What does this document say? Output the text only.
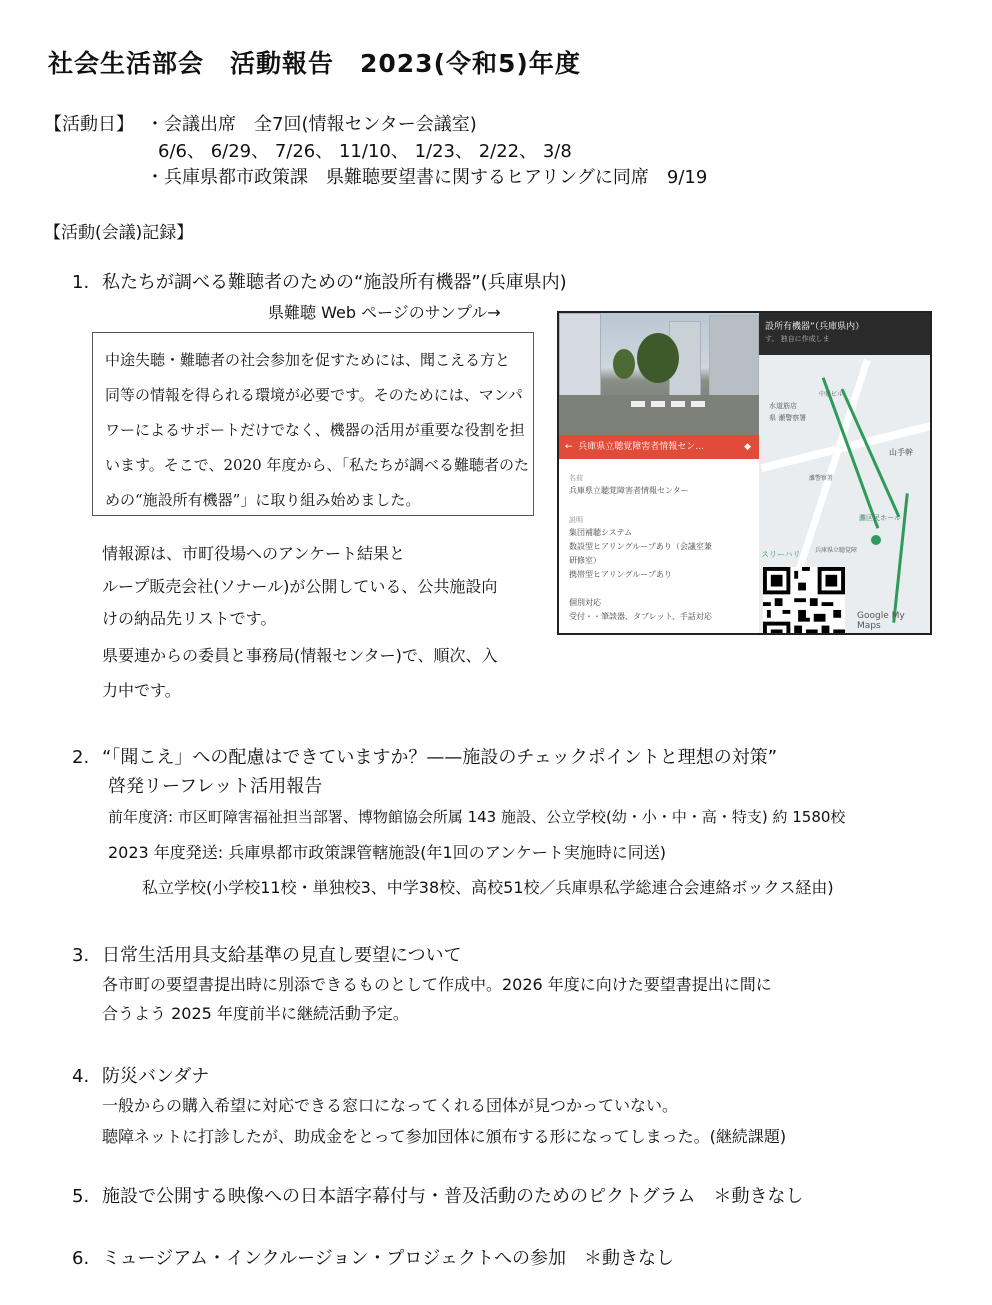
社会生活部会　活動報告　2023(令和5)年度
【活動日】 ・会議出席　全7回(情報センター会議室)
6/6、 6/29、 7/26、 11/10、 1/23、 2/22、 3/8
・兵庫県都市政策課　県難聴要望書に関するヒアリングに同席　9/19
【活動(会議)記録】
1. 私たちが調べる難聴者のための“施設所有機器”(兵庫県内)
県難聴 Web ページのサンプル→
中途失聴・難聴者の社会参加を促すためには、聞こえる方と
同等の情報を得られる環境が必要です。そのためには、マンパ
ワーによるサポートだけでなく、機器の活用が重要な役割を担
います。そこで、2020 年度から、「私たちが調べる難聴者のた
めの“施設所有機器”」に取り組み始めました。
情報源は、市町役場へのアンケート結果と
ループ販売会社(ソナール)が公開している、公共施設向
けの納品先リストです。
県要連からの委員と事務局(情報センター)で、順次、入
力中です。
← 兵庫県立聴覚障害者情報セン...	◆
名前
兵庫県立聴覚障害者情報センター
説明
集団補聴システム
数設型ヒアリングループあり（会議室兼
研修室）
携帯型ヒアリングループあり
個別対応
受付・・筆談器、タブレット、手話対応
設所有機器”（兵庫県内）
す。 独自に作成しま
水道筋店
県 瀬警察署
山手幹
灘区民ホール
兵庫県立聴覚障
スリーハリ
中延ビル
灘警察署
Google My Maps
2. “「聞こえ」への配慮はできていますか？——施設のチェックポイントと理想の対策”
啓発リーフレット活用報告
前年度済: 市区町障害福祉担当部署、博物館協会所属 143 施設、公立学校(幼・小・中・高・特支) 約 1580校
2023 年度発送: 兵庫県都市政策課管轄施設(年1回のアンケート実施時に同送)
私立学校(小学校11校・単独校3、中学38校、高校51校／兵庫県私学総連合会連絡ボックス経由)
3. 日常生活用具支給基準の見直し要望について
各市町の要望書提出時に別添できるものとして作成中。2026 年度に向けた要望書提出に間に
合うよう 2025 年度前半に継続活動予定。
4. 防災バンダナ
一般からの購入希望に対応できる窓口になってくれる団体が見つかっていない。
聴障ネットに打診したが、助成金をとって参加団体に頒布する形になってしまった。(継続課題)
5. 施設で公開する映像への日本語字幕付与・普及活動のためのピクトグラム　＊動きなし
6. ミュージアム・インクルージョン・プロジェクトへの参加　＊動きなし
